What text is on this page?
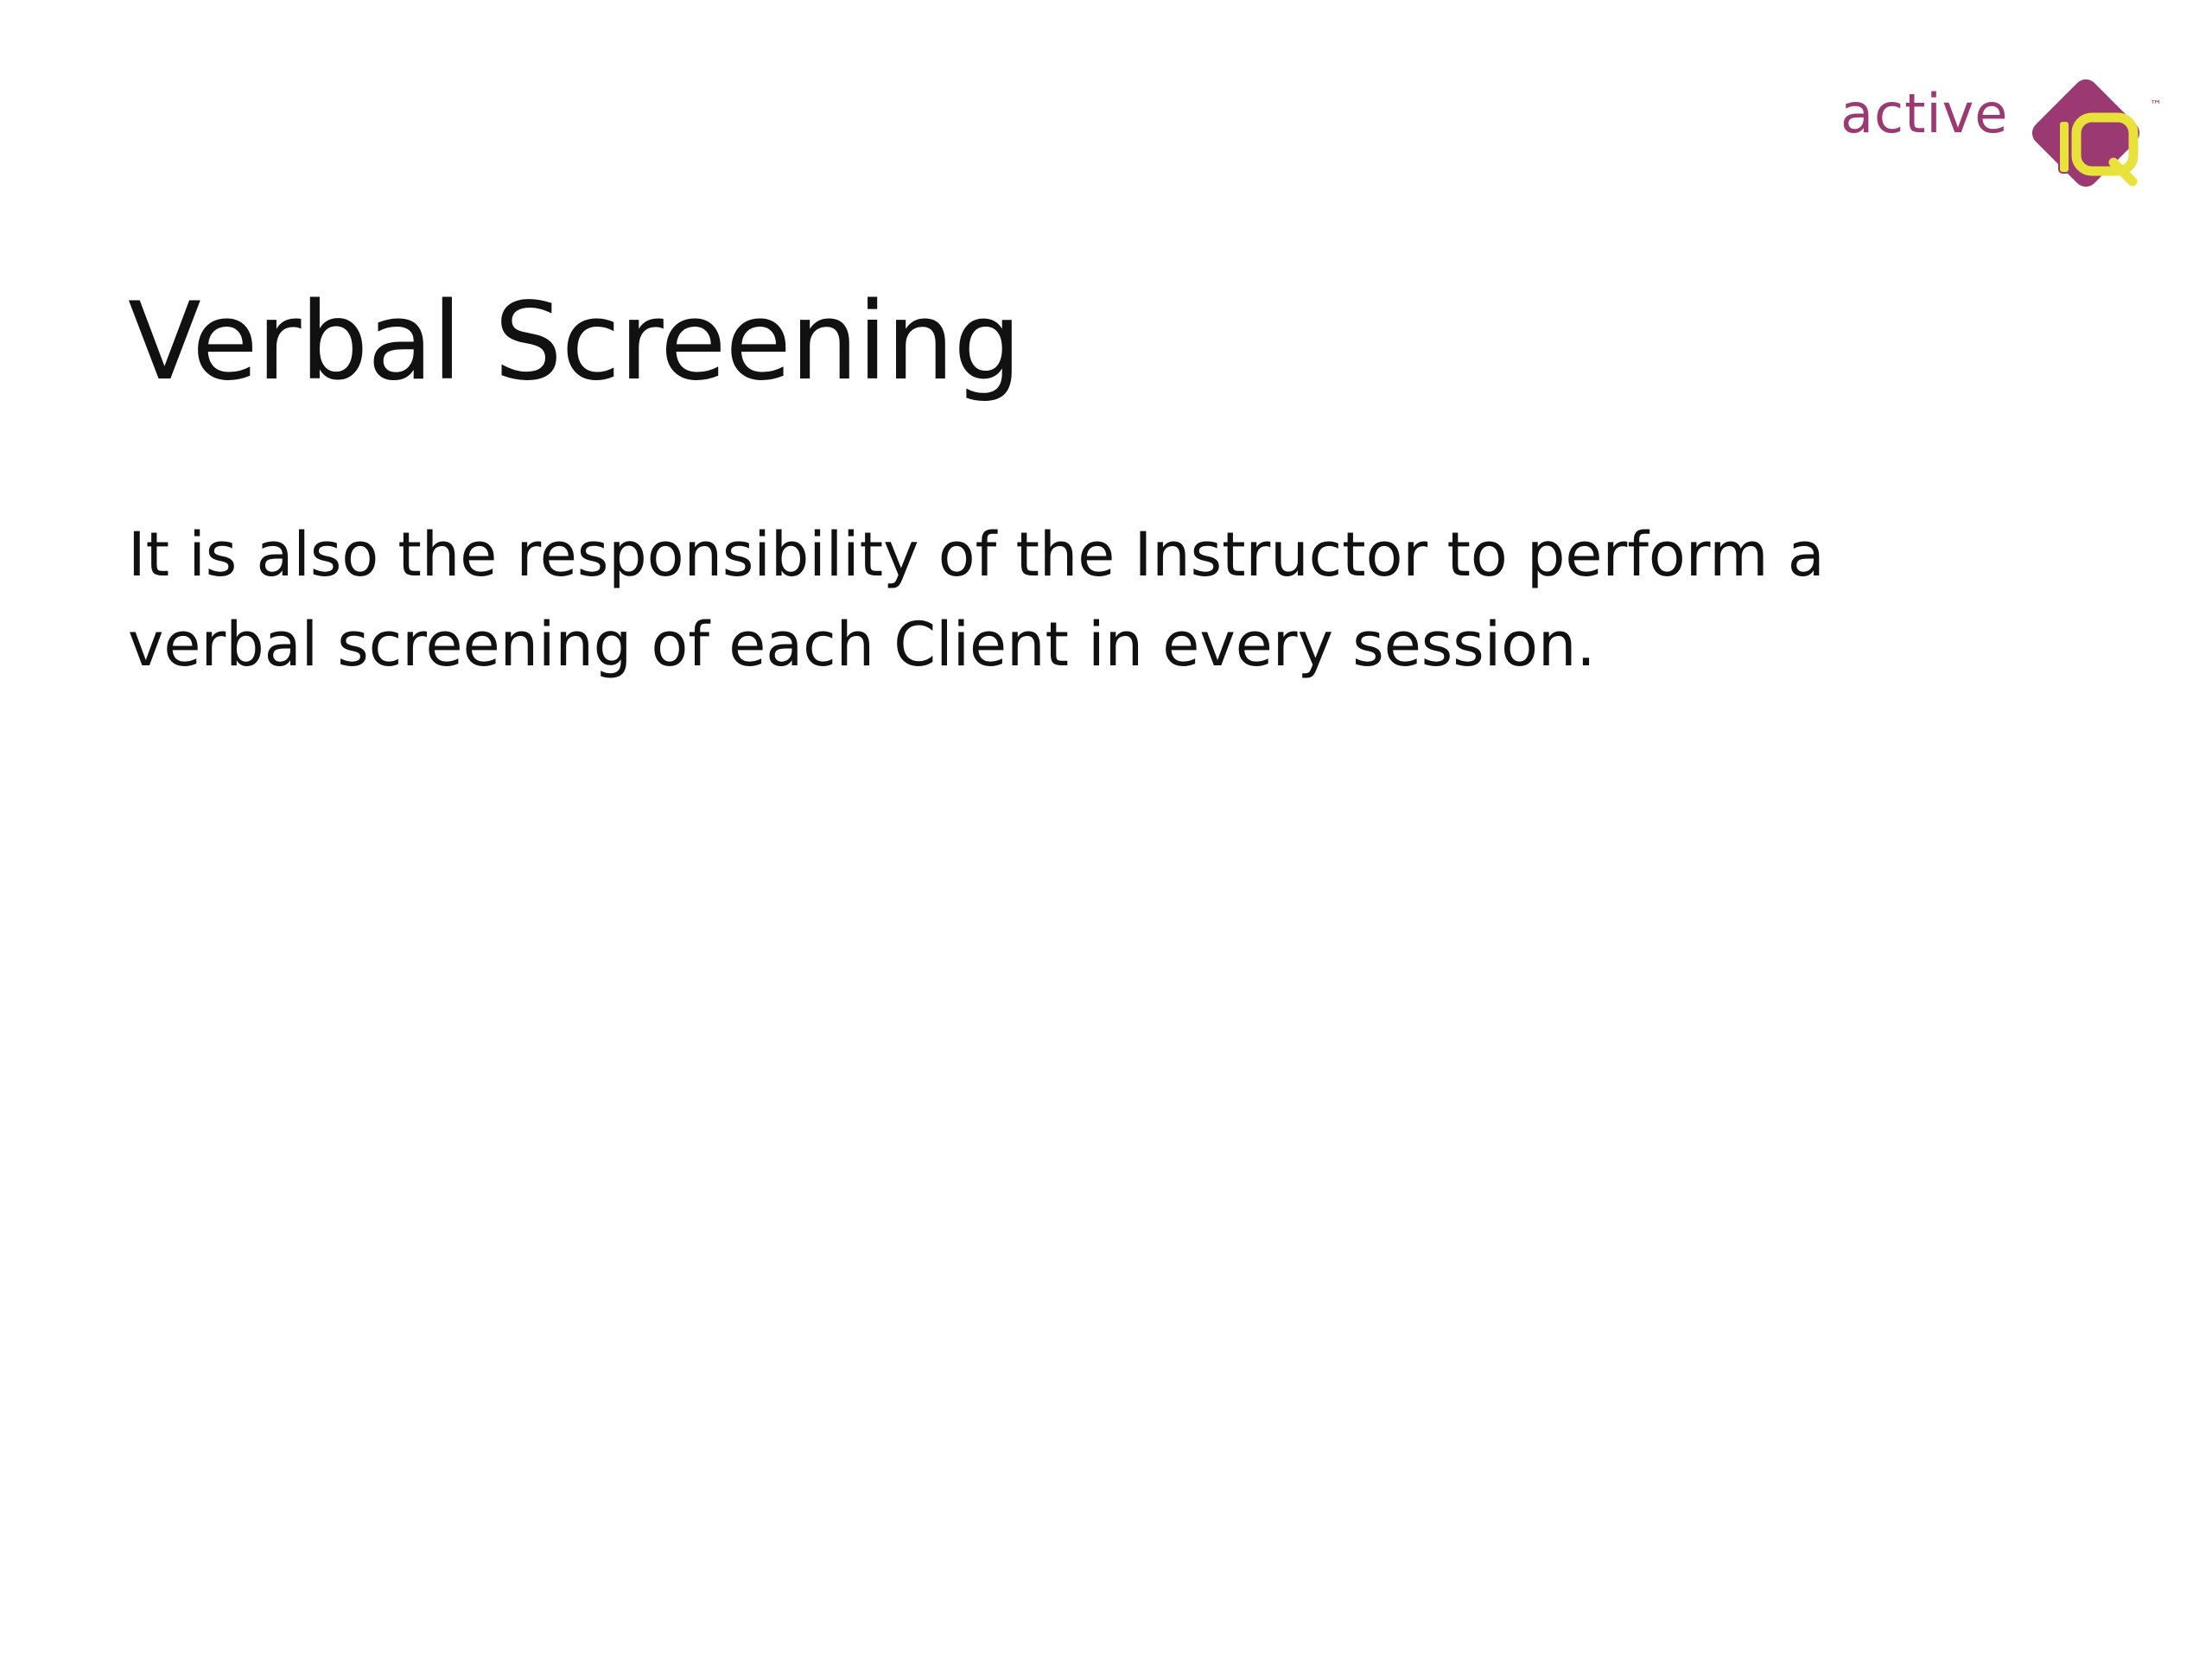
active	™
Verbal Screening

It is also the responsibility of the Instructor to perform a verbal screening of each Client in every session.
